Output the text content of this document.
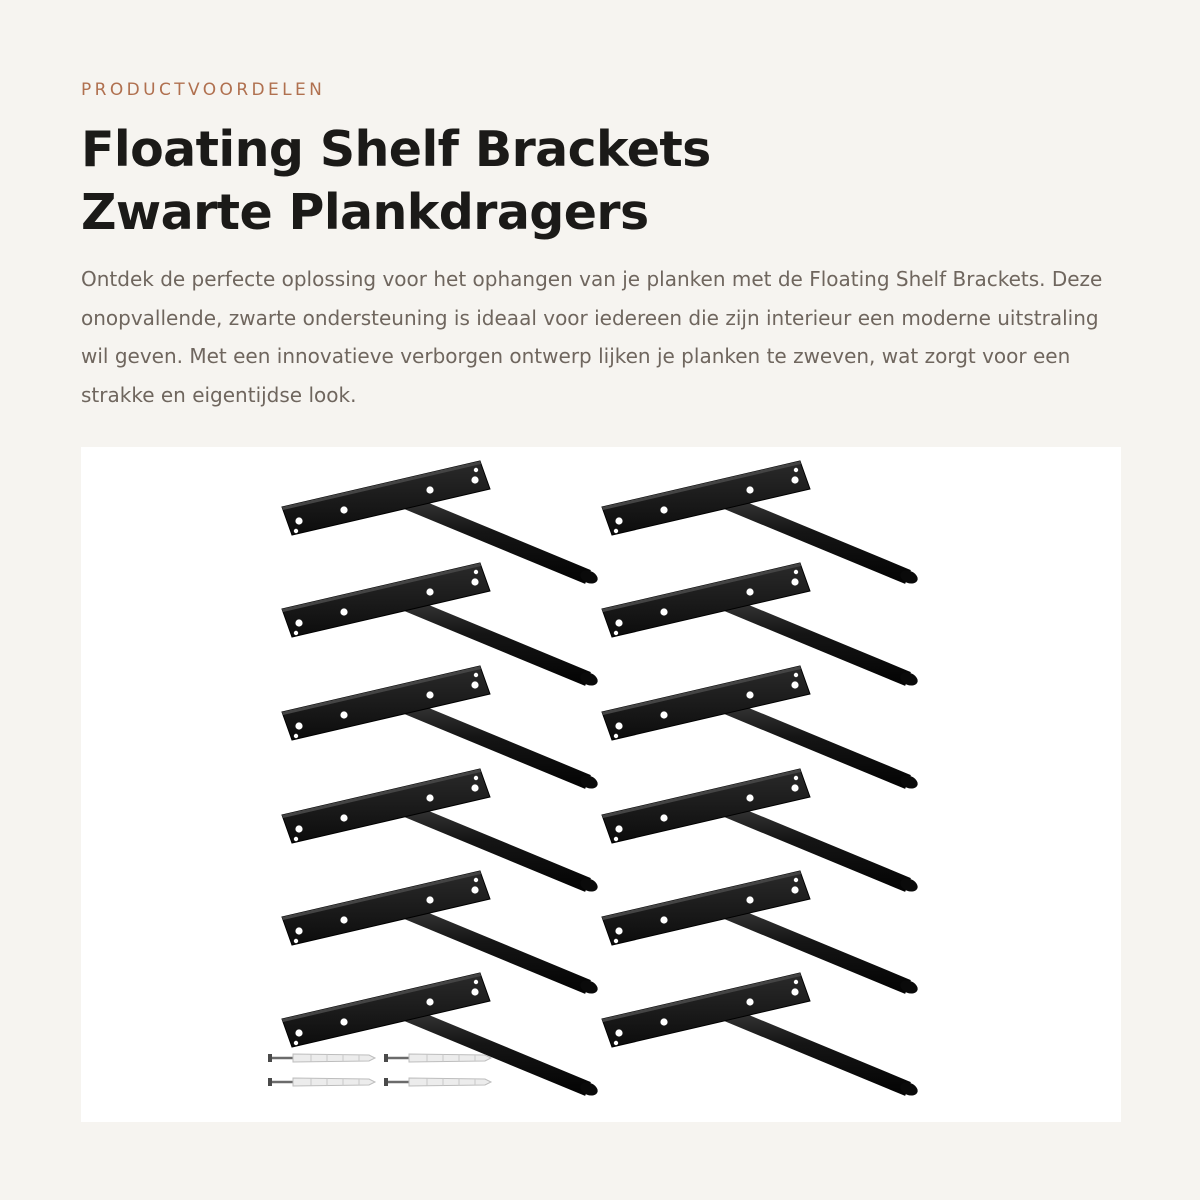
PRODUCTVOORDELEN
Floating Shelf Brackets
Zwarte Plankdragers

Ontdek de perfecte oplossing voor het ophangen van je planken met de Floating Shelf Brackets. Deze onopvallende, zwarte ondersteuning is ideaal voor iedereen die zijn interieur een moderne uitstraling wil geven. Met een innovatieve verborgen ontwerp lijken je planken te zweven, wat zorgt voor een strakke en eigentijdse look.
